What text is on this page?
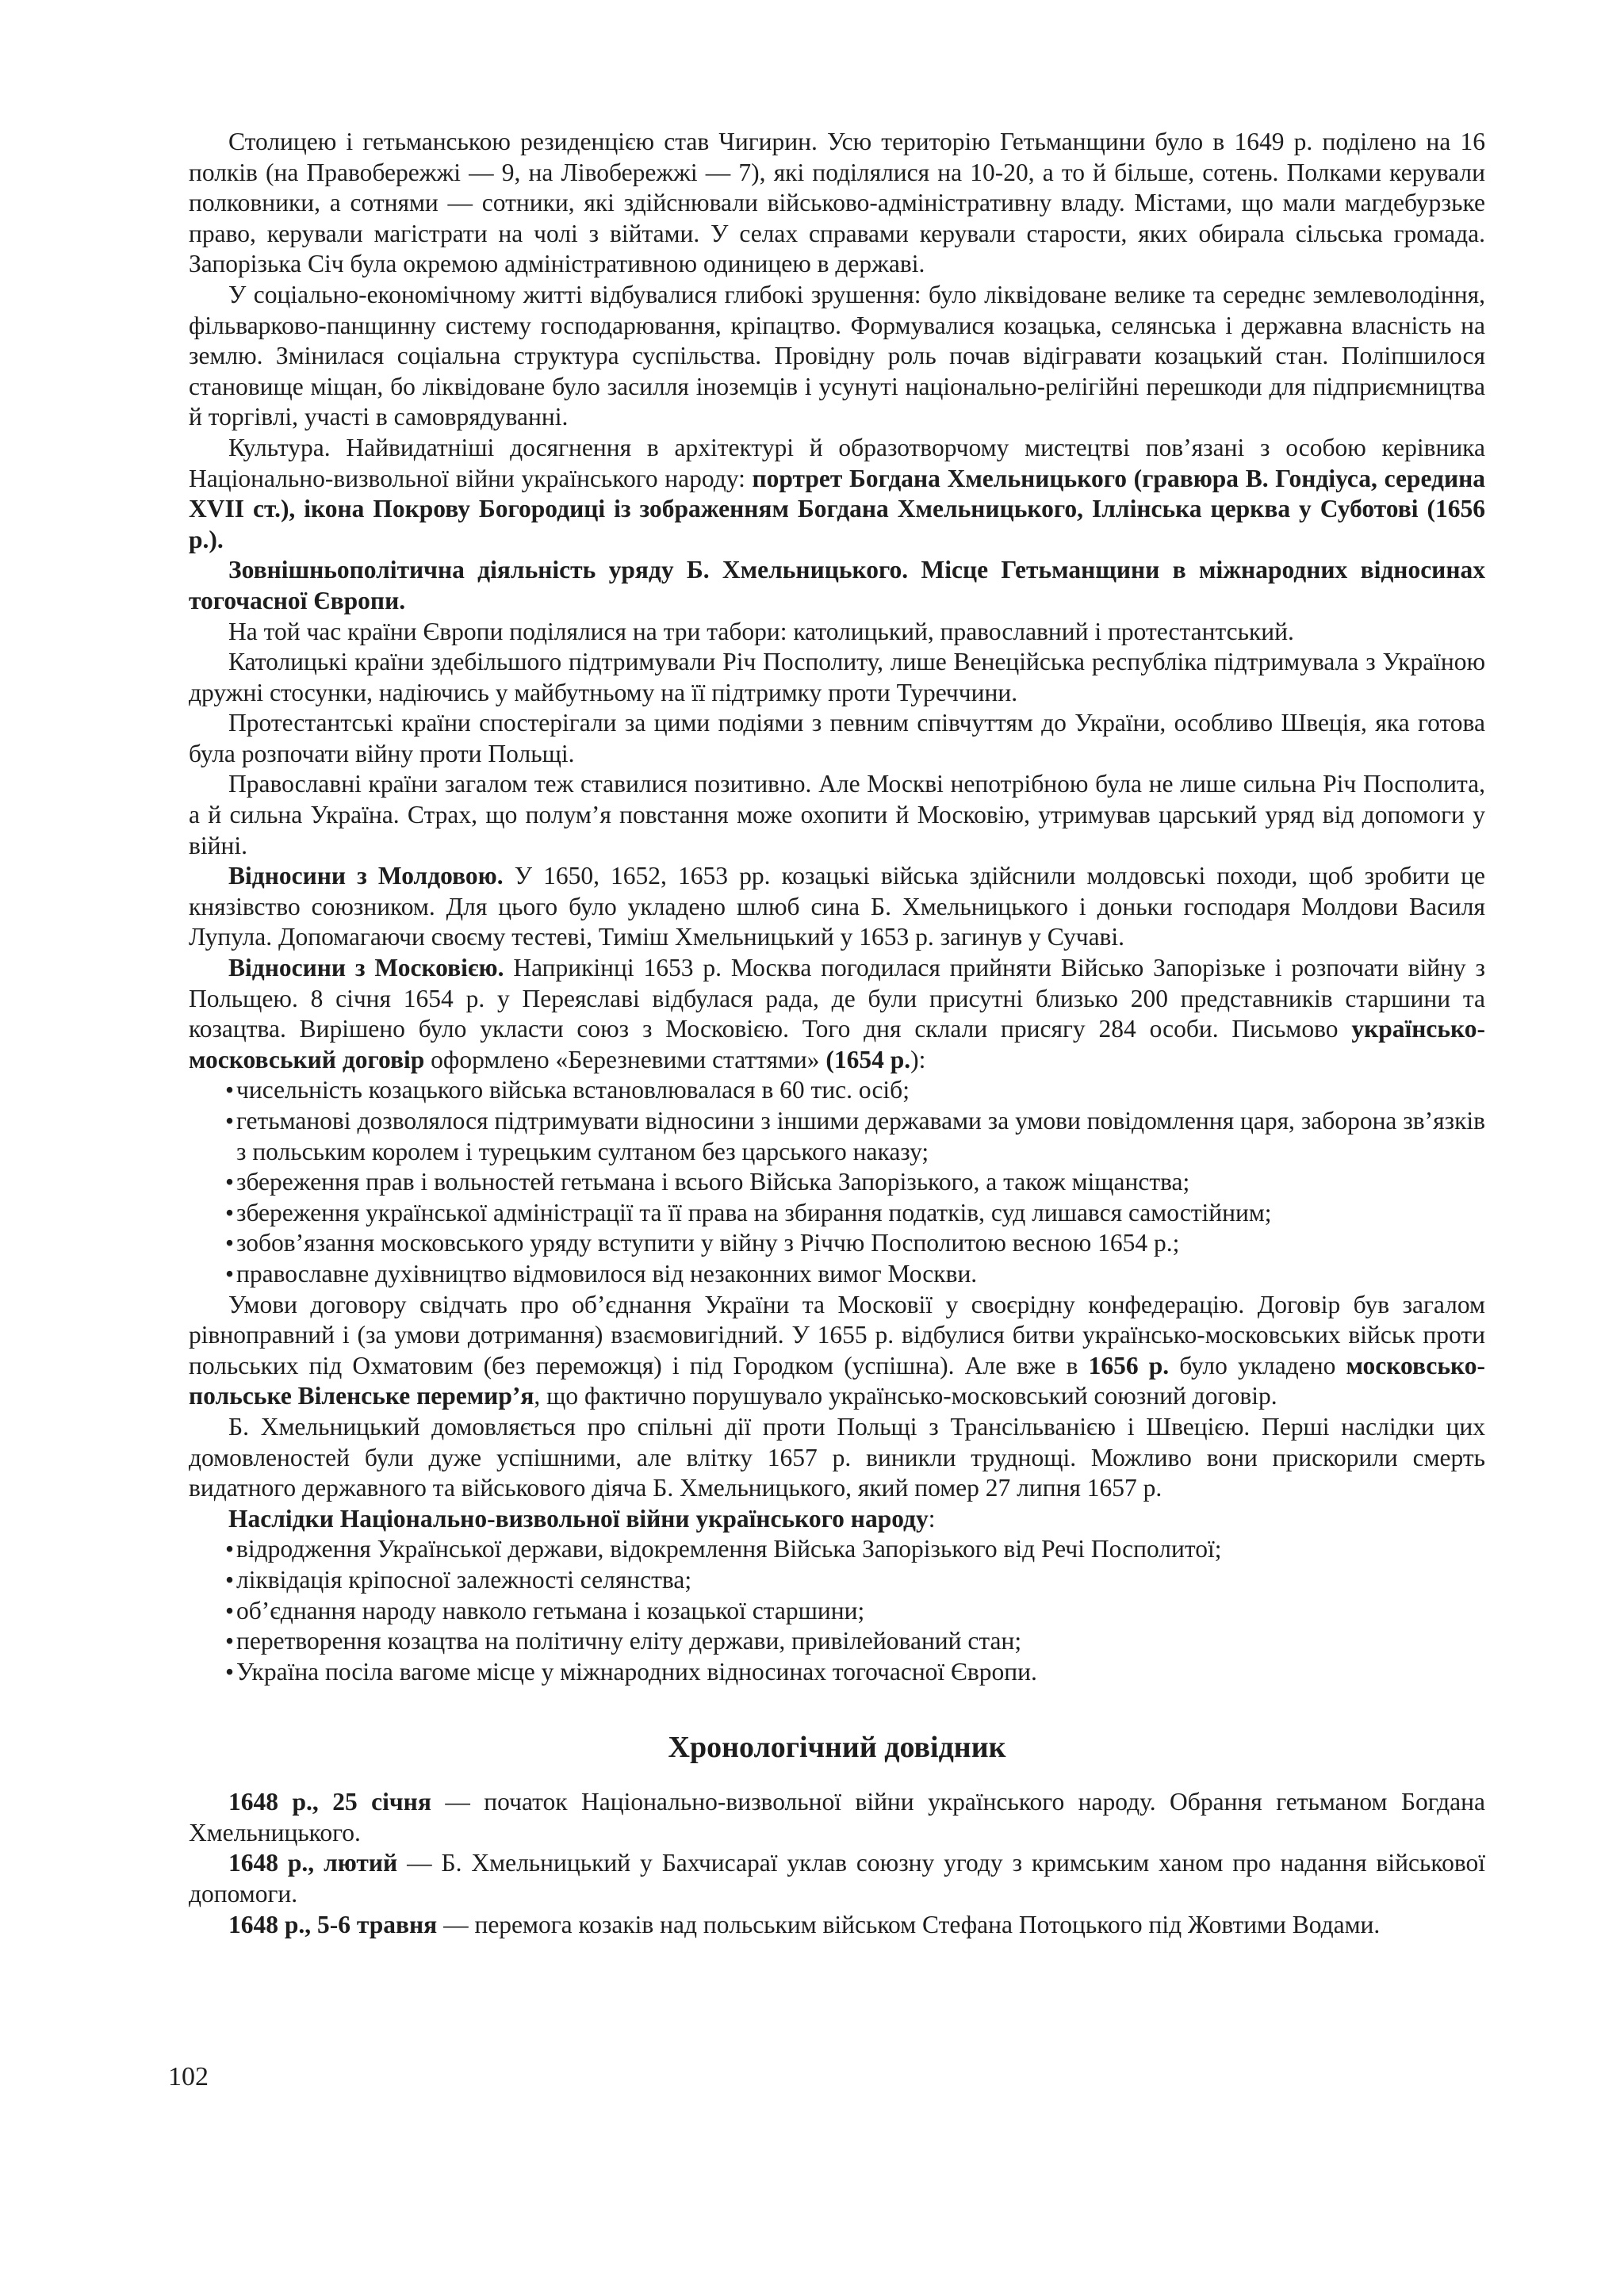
Столицею і гетьманською резиденцією став Чигирин. Усю територію Гетьманщини було в 1649 р. поділено на 16 полків (на Правобережжі — 9, на Лівобережжі — 7), які поділялися на 10-20, а то й більше, сотень. Полками керували полковники, а сотнями — сотники, які здійснювали військово-адміністративну владу. Містами, що мали магдебурзьке право, керували магістрати на чолі з війтами. У селах справами керували старости, яких обирала сільська громада. Запорізька Січ була окремою адміністративною одиницею в державі.

У соціально-економічному житті відбувалися глибокі зрушення: було ліквідоване велике та середнє землеволодіння, фільварково-панщинну систему господарювання, кріпацтво. Формувалися козацька, селянська і державна власність на землю. Змінилася соціальна структура суспільства. Провідну роль почав відігравати козацький стан. Поліпшилося становище міщан, бо ліквідоване було засилля іноземців і усунуті національно-релігійні перешкоди для підприємництва й торгівлі, участі в самоврядуванні.

Культура. Найвидатніші досягнення в архітектурі й образотворчому мистецтві пов’язані з особою керівника Національно-визвольної війни українського народу: портрет Богдана Хмельницького (гравюра В. Гондіуса, середина XVII ст.), ікона Покрову Богородиці із зображенням Богдана Хмельницького, Іллінська церква у Суботові (1656 р.).

Зовнішньополітична діяльність уряду Б. Хмельницького. Місце Гетьманщини в міжнародних відносинах тогочасної Європи.

На той час країни Європи поділялися на три табори: католицький, православний і протестантський.

Католицькі країни здебільшого підтримували Річ Посполиту, лише Венеційська республіка підтримувала з Україною дружні стосунки, надіючись у майбутньому на її підтримку проти Туреччини.

Протестантські країни спостерігали за цими подіями з певним співчуттям до України, особливо Швеція, яка готова була розпочати війну проти Польщі.

Православні країни загалом теж ставилися позитивно. Але Москві непотрібною була не лише сильна Річ Посполита, а й сильна Україна. Страх, що полум’я повстання може охопити й Московію, утримував царський уряд від допомоги у війні.

Відносини з Молдовою. У 1650, 1652, 1653 рр. козацькі війська здійснили молдовські походи, щоб зробити це князівство союзником. Для цього було укладено шлюб сина Б. Хмельницького і доньки господаря Молдови Василя Лупула. Допомагаючи своєму тестеві, Тиміш Хмельницький у 1653 р. загинув у Сучаві.

Відносини з Московією. Наприкінці 1653 р. Москва погодилася прийняти Військо Запорізьке і розпочати війну з Польщею. 8 січня 1654 р. у Переяславі відбулася рада, де були присутні близько 200 представників старшини та козацтва. Вирішено було укласти союз з Московією. Того дня склали присягу 284 особи. Письмово українсько-московський договір оформлено «Березневими статтями» (1654 р.):

• чисельність козацького війська встановлювалася в 60 тис. осіб;
• гетьманові дозволялося підтримувати відносини з іншими державами за умови повідомлення царя, заборона зв’язків з польським королем і турецьким султаном без царського наказу;
• збереження прав і вольностей гетьмана і всього Війська Запорізького, а також міщанства;
• збереження української адміністрації та її права на збирання податків, суд лишався самостійним;
• зобов’язання московського уряду вступити у війну з Річчю Посполитою весною 1654 р.;
• православне духівництво відмовилося від незаконних вимог Москви.

Умови договору свідчать про об’єднання України та Московії у своєрідну конфедерацію. Договір був загалом рівноправний і (за умови дотримання) взаємовигідний. У 1655 р. відбулися битви українсько-московських військ проти польських під Охматовим (без переможця) і під Городком (успішна). Але вже в 1656 р. було укладено московсько-польське Віленське перемир’я, що фактично порушувало українсько-московський союзний договір.

Б. Хмельницький домовляється про спільні дії проти Польщі з Трансільванією і Швецією. Перші наслідки цих домовленостей були дуже успішними, але влітку 1657 р. виникли труднощі. Можливо вони прискорили смерть видатного державного та військового діяча Б. Хмельницького, який помер 27 липня 1657 р.

Наслідки Національно-визвольної війни українського народу:

• відродження Української держави, відокремлення Війська Запорізького від Речі Посполитої;
• ліквідація кріпосної залежності селянства;
• об’єднання народу навколо гетьмана і козацької старшини;
• перетворення козацтва на політичну еліту держави, привілейований стан;
• Україна посіла вагоме місце у міжнародних відносинах тогочасної Європи.
Хронологічний довідник

1648 р., 25 січня — початок Національно-визвольної війни українського народу. Обрання гетьманом Богдана Хмельницького.

1648 р., лютий — Б. Хмельницький у Бахчисараї уклав союзну угоду з кримським ханом про надання військової допомоги.

1648 р., 5-6 травня — перемога козаків над польським військом Стефана Потоцького під Жовтими Водами.

102
